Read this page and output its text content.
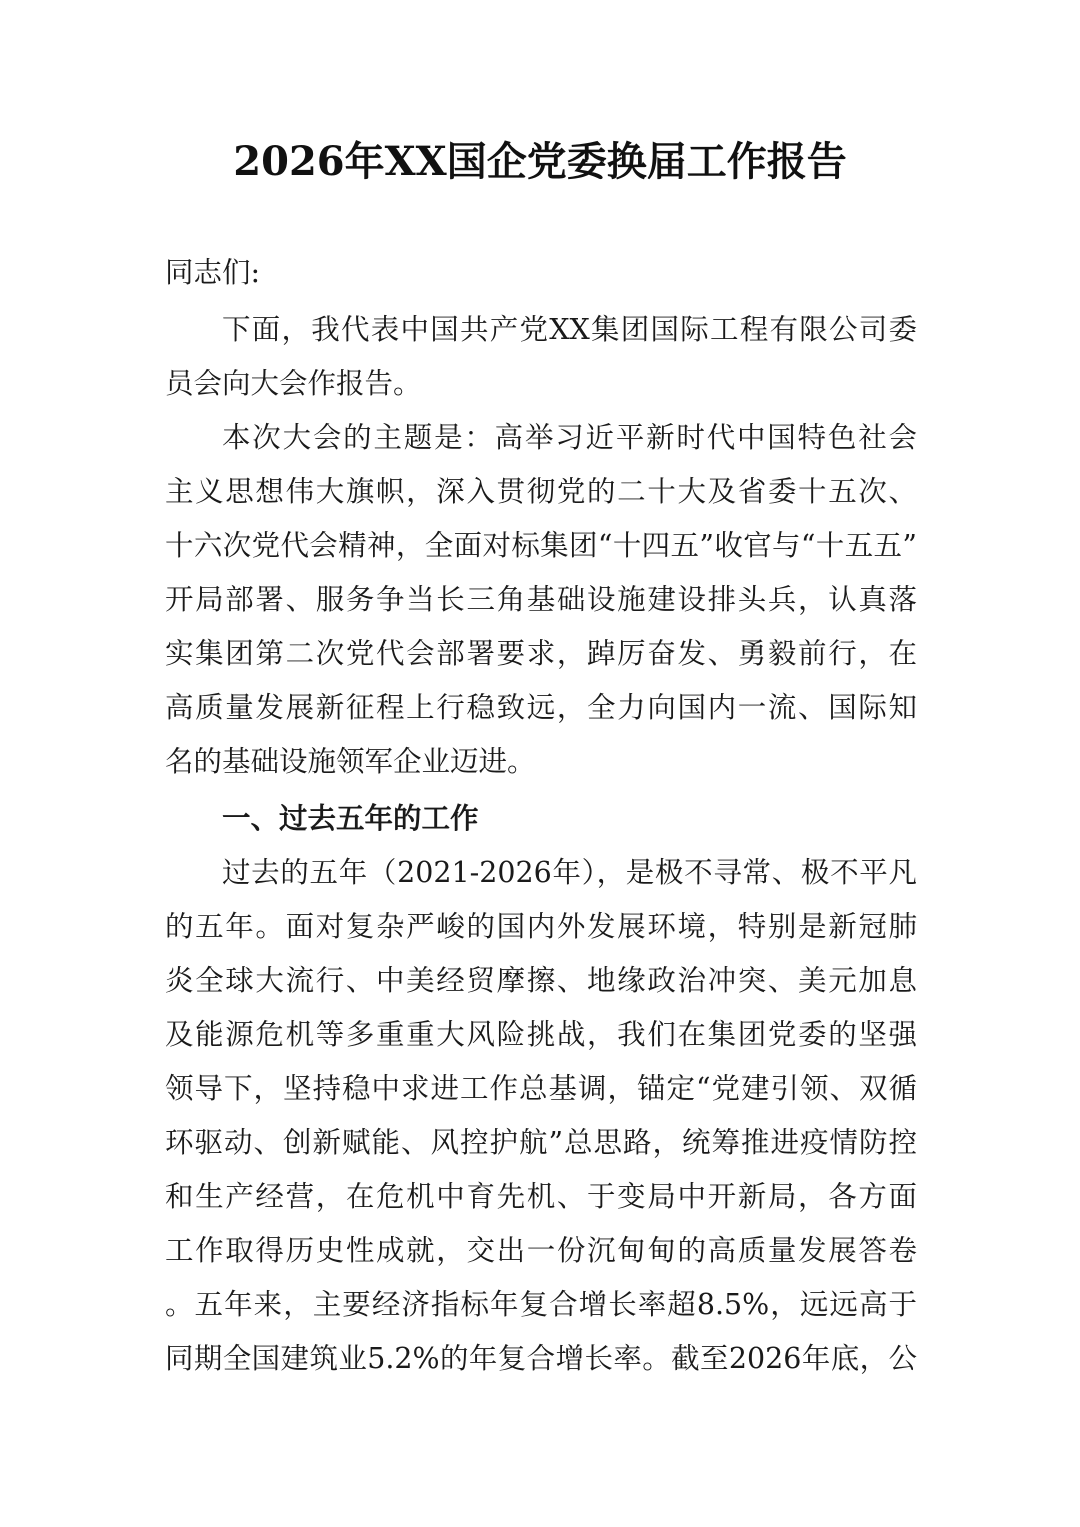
2026年XX国企党委换届工作报告
同志们:
下面，我代表中国共产党XX集团国际工程有限公司委
员会向大会作报告。
本次大会的主题是：高举习近平新时代中国特色社会
主义思想伟大旗帜，深入贯彻党的二十大及省委十五次、
十六次党代会精神，全面对标集团“十四五”收官与“十五五”
开局部署、服务争当长三角基础设施建设排头兵，认真落
实集团第二次党代会部署要求，踔厉奋发、勇毅前行，在
高质量发展新征程上行稳致远，全力向国内一流、国际知
名的基础设施领军企业迈进。
一、过去五年的工作
过去的五年（2021-2026年），是极不寻常、极不平凡
的五年。面对复杂严峻的国内外发展环境，特别是新冠肺
炎全球大流行、中美经贸摩擦、地缘政治冲突、美元加息
及能源危机等多重重大风险挑战，我们在集团党委的坚强
领导下，坚持稳中求进工作总基调，锚定“党建引领、双循
环驱动、创新赋能、风控护航”总思路，统筹推进疫情防控
和生产经营，在危机中育先机、于变局中开新局，各方面
工作取得历史性成就，交出一份沉甸甸的高质量发展答卷
。五年来，主要经济指标年复合增长率超8.5%，远远高于
同期全国建筑业5.2%的年复合增长率。截至2026年底，公
